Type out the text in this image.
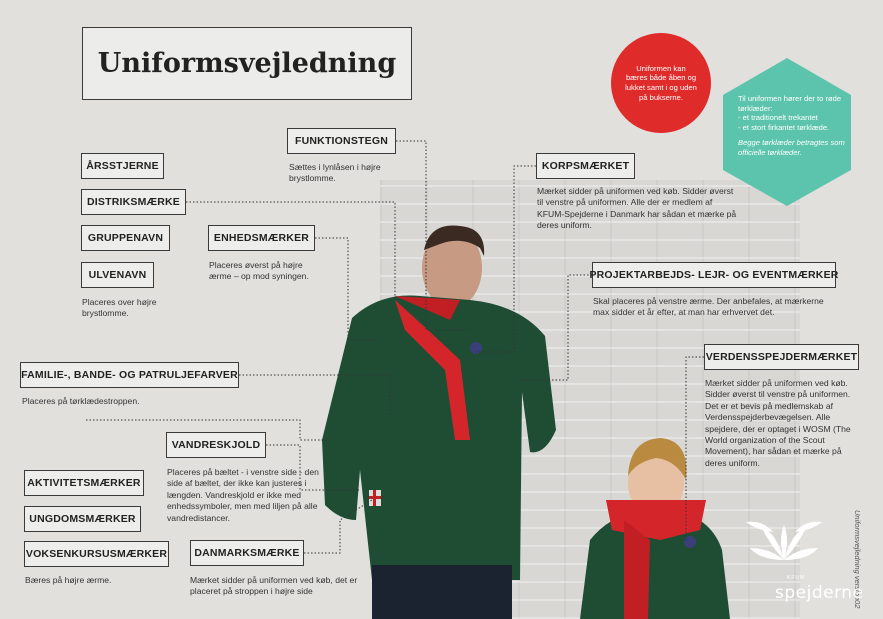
Uniformsvejledning	Uniformen kan bæres både åben og lukket samt i og uden på bukserne.	Til uniformen hører der to røde tørklæder:
- et traditionelt trekantet
- et stort firkantet tørklæde.
Begge tørklæder betragtes som officielle tørklæder.
FUNKTIONSTEGN
Sættes i lynlåsen i højre brystlomme.
ÅRSSTJERNE
DISTRIKSMÆRKE
GRUPPENAVN
ULVENAVN
Placeres over højre brystlomme.
ENHEDSMÆRKER
Placeres øverst på højre ærme – op mod syningen.
KORPSMÆRKET
Mærket sidder på uniformen ved køb. Sidder øverst til venstre på uniformen. Alle der er medlem af KFUM-Spejderne i Danmark har sådan et mærke på deres uniform.
PROJEKTARBEJDS- LEJR- OG EVENTMÆRKER
Skal placeres på venstre ærme. Der anbefales, at mærkerne max sidder et år efter, at man har erhvervet det.
VERDENSSPEJDERMÆRKET
Mærket sidder på uniformen ved køb. Sidder øverst til venstre på uniformen. Det er et bevis på medlemskab af Verdensspejderbevægelsen. Alle spejdere, der er optaget i WOSM (The World organization of the Scout Movement), har sådan et mærke på deres uniform.
FAMILIE-, BANDE- OG PATRULJEFARVER
Placeres på tørklædestroppen.
VANDRESKJOLD
Placeres på bæltet - i venstre side - den side af bæltet, der ikke kan justeres i længden. Vandreskjold er ikke med enhedssymboler, men med liljen på alle vandredistancer.
AKTIVITETSMÆRKER
UNGDOMSMÆRKER
VOKSENKURSUSMÆRKER
Bæres på højre ærme.
DANMARKSMÆRKE
Mærket sidder på uniformen ved køb, det er placeret på stroppen i højre side	Uniformsvejledning version02
KFUM
spejderne
